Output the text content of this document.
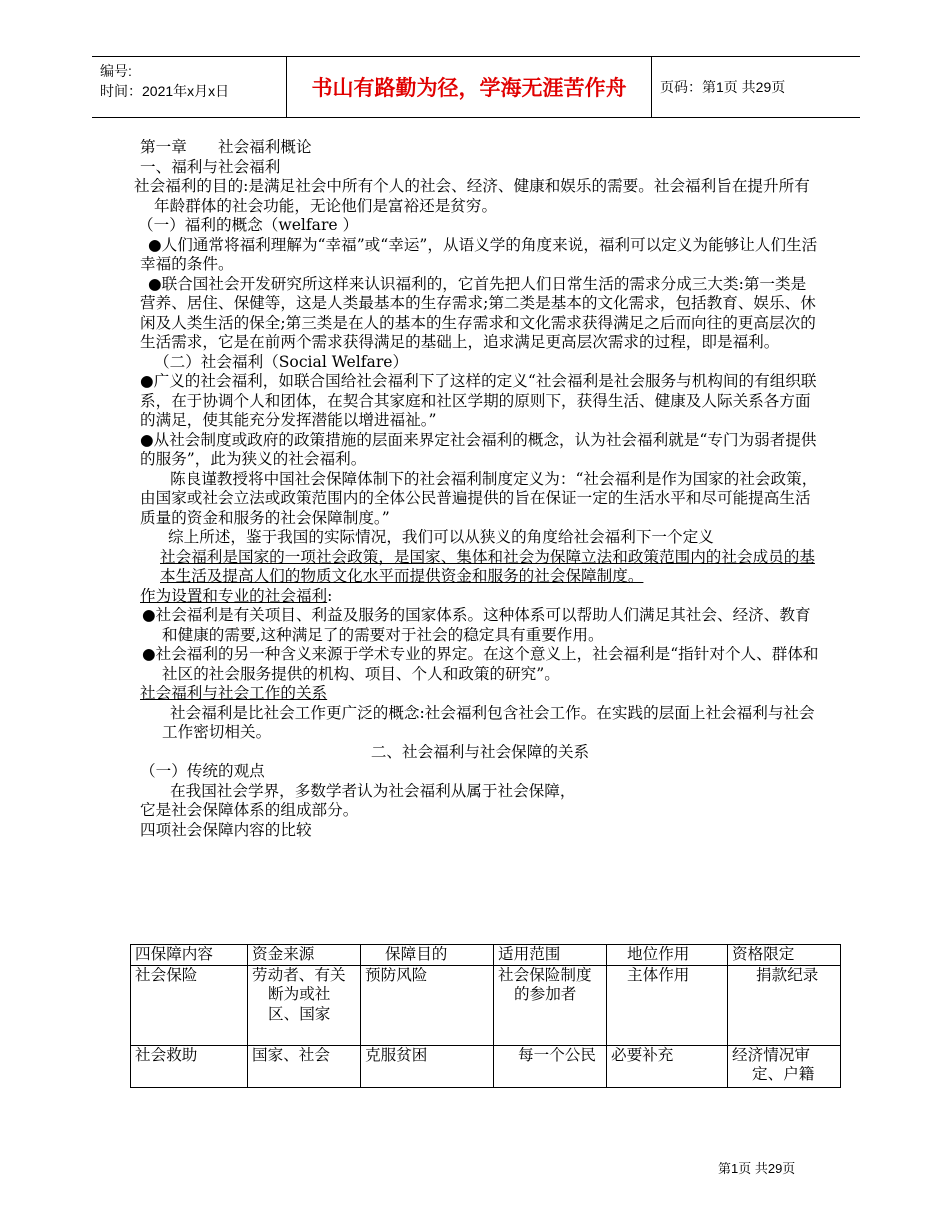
编号:
时间：2021年x月x日	书山有路勤为径，学海无涯苦作舟	页码：第1页 共29页

第一章　　社会福利概论

一、福利与社会福利

社会福利的目的:是满足社会中所有个人的社会、经济、健康和娱乐的需要。社会福利旨在提升所有年龄群体的社会功能，无论他们是富裕还是贫穷。

（一）福利的概念（welfare ）

●人们通常将福利理解为“幸福”或“幸运”，从语义学的角度来说，福利可以定义为能够让人们生活幸福的条件。

●联合国社会开发研究所这样来认识福利的，它首先把人们日常生活的需求分成三大类:第一类是营养、居住、保健等，这是人类最基本的生存需求;第二类是基本的文化需求，包括教育、娱乐、休闲及人类生活的保全;第三类是在人的基本的生存需求和文化需求获得满足之后而向往的更高层次的生活需求，它是在前两个需求获得满足的基础上，追求满足更高层次需求的过程，即是福利。

（二）社会福利（Social Welfare）

●广义的社会福利，如联合国给社会福利下了这样的定义“社会福利是社会服务与机构间的有组织联系，在于协调个人和团体，在契合其家庭和社区学期的原则下，获得生活、健康及人际关系各方面的满足，使其能充分发挥潜能以增进福祉。”

●从社会制度或政府的政策措施的层面来界定社会福利的概念，认为社会福利就是“专门为弱者提供的服务”，此为狭义的社会福利。

陈良谨教授将中国社会保障体制下的社会福利制度定义为：“社会福利是作为国家的社会政策，由国家或社会立法或政策范围内的全体公民普遍提供的旨在保证一定的生活水平和尽可能提高生活质量的资金和服务的社会保障制度。”

综上所述，鉴于我国的实际情况，我们可以从狭义的角度给社会福利下一个定义

社会福利是国家的一项社会政策，是国家、集体和社会为保障立法和政策范围内的社会成员的基本生活及提高人们的物质文化水平而提供资金和服务的社会保障制度。

作为设置和专业的社会福利:

●社会福利是有关项目、利益及服务的国家体系。这种体系可以帮助人们满足其社会、经济、教育和健康的需要,这种满足了的需要对于社会的稳定具有重要作用。

●社会福利的另一种含义来源于学术专业的界定。在这个意义上，社会福利是“指针对个人、群体和社区的社会服务提供的机构、项目、个人和政策的研究”。

社会福利与社会工作的关系

社会福利是比社会工作更广泛的概念:社会福利包含社会工作。在实践的层面上社会福利与社会工作密切相关。

二、社会福利与社会保障的关系

（一）传统的观点

在我国社会学界，多数学者认为社会福利从属于社会保障，

它是社会保障体系的组成部分。

四项社会保障内容的比较

四保障内容	资金来源	保障目的	适用范围	地位作用	资格限定
社会保险	劳动者、有关断为或社区、国家	预防风险	社会保险制度的参加者	主体作用	捐款纪录
社会救助	国家、社会	克服贫困	每一个公民	必要补充	经济情况审定、户籍
第1页 共29页
